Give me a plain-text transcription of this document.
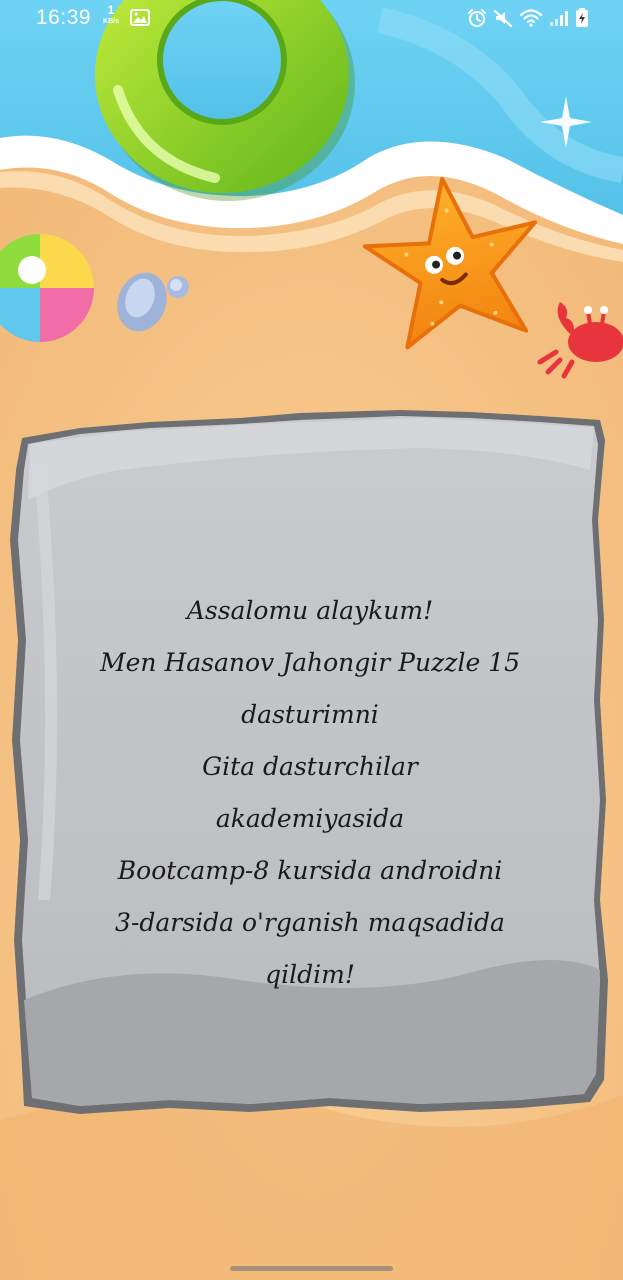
16:39	1
KB/s
Assalomu alaykum!
Men Hasanov Jahongir Puzzle 15
dasturimni
Gita dasturchilar
akademiyasida
Bootcamp-8 kursida androidni
3-darsida o'rganish maqsadida
qildim!
